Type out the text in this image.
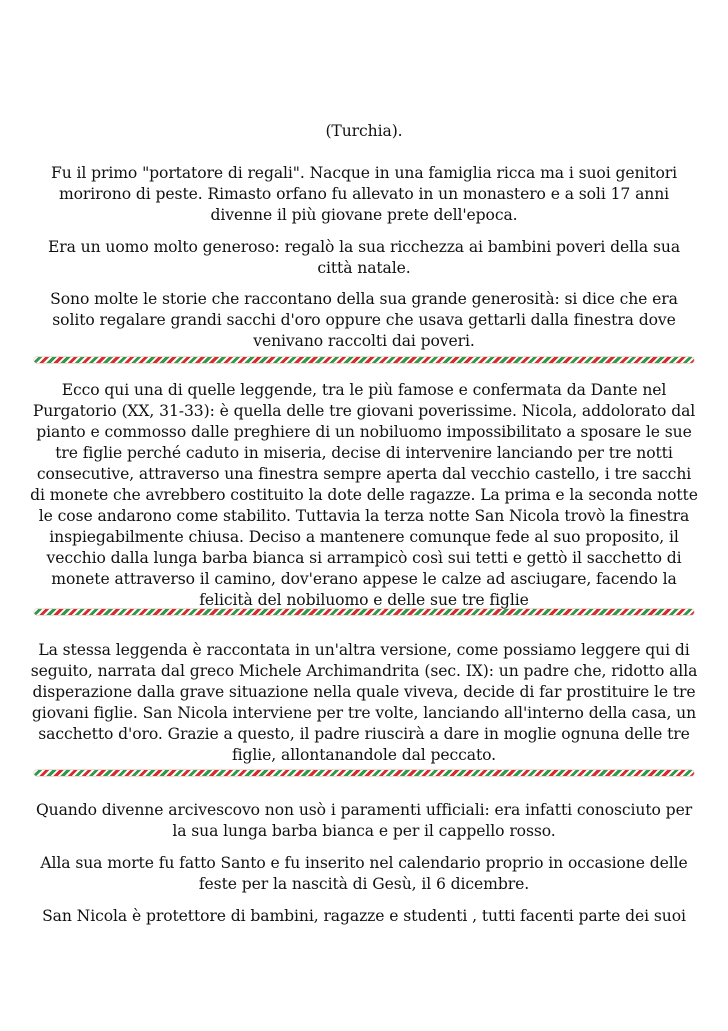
(Turchia).

Fu il primo "portatore di regali". Nacque in una famiglia ricca ma i suoi genitori morirono di peste. Rimasto orfano fu allevato in un monastero e a soli 17 anni divenne il più giovane prete dell'epoca.

Era un uomo molto generoso: regalò la sua ricchezza ai bambini poveri della sua città natale.

Sono molte le storie che raccontano della sua grande generosità: si dice che era solito regalare grandi sacchi d'oro oppure che usava gettarli dalla finestra dove venivano raccolti dai poveri.

Ecco qui una di quelle leggende, tra le più famose e confermata da Dante nel Purgatorio (XX, 31-33): è quella delle tre giovani poverissime. Nicola, addolorato dal pianto e commosso dalle preghiere di un nobiluomo impossibilitato a sposare le sue tre figlie perché caduto in miseria, decise di intervenire lanciando per tre notti consecutive, attraverso una finestra sempre aperta dal vecchio castello, i tre sacchi di monete che avrebbero costituito la dote delle ragazze. La prima e la seconda notte le cose andarono come stabilito. Tuttavia la terza notte San Nicola trovò la finestra inspiegabilmente chiusa. Deciso a mantenere comunque fede al suo proposito, il vecchio dalla lunga barba bianca si arrampicò così sui tetti e gettò il sacchetto di monete attraverso il camino, dov'erano appese le calze ad asciugare, facendo la felicità del nobiluomo e delle sue tre figlie

La stessa leggenda è raccontata in un'altra versione, come possiamo leggere qui di seguito, narrata dal greco Michele Archimandrita (sec. IX): un padre che, ridotto alla disperazione dalla grave situazione nella quale viveva, decide di far prostituire le tre giovani figlie. San Nicola interviene per tre volte, lanciando all'interno della casa, un sacchetto d'oro. Grazie a questo, il padre riuscirà a dare in moglie ognuna delle tre figlie, allontanandole dal peccato.

Quando divenne arcivescovo non usò i paramenti ufficiali: era infatti conosciuto per la sua lunga barba bianca e per il cappello rosso.

Alla sua morte fu fatto Santo e fu inserito nel calendario proprio in occasione delle feste per la nascità di Gesù, il 6 dicembre.

San Nicola è protettore di bambini, ragazze e studenti , tutti facenti parte dei suoi
